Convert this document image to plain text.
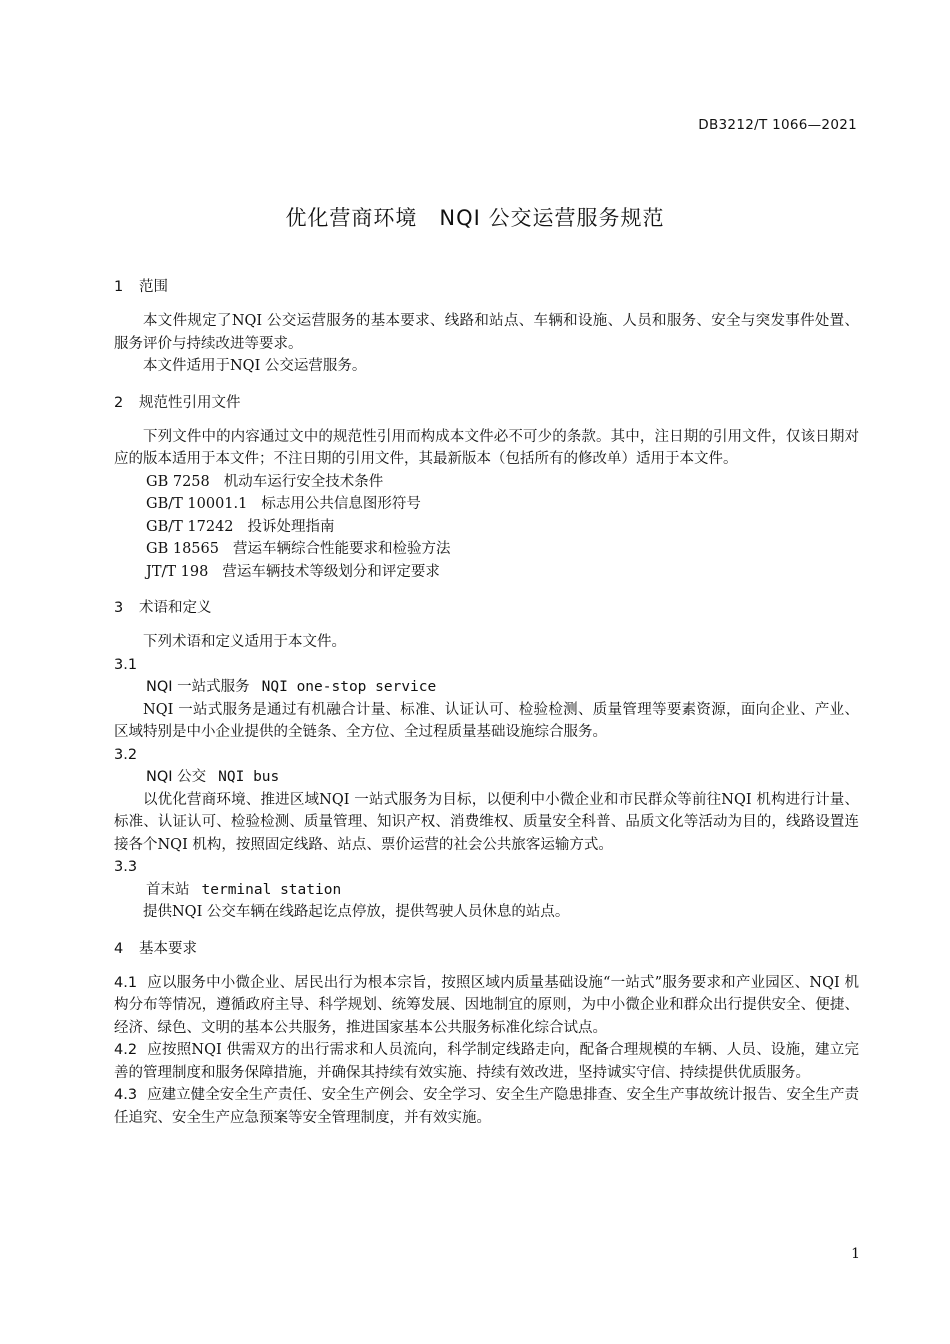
DB3212/T 1066—2021
优化营商环境　NQI 公交运营服务规范

1 范围

本文件规定了NQI 公交运营服务的基本要求、线路和站点、车辆和设施、人员和服务、安全与突发事件处置、服务评价与持续改进等要求。

本文件适用于NQI 公交运营服务。

2 规范性引用文件

下列文件中的内容通过文中的规范性引用而构成本文件必不可少的条款。其中，注日期的引用文件，仅该日期对应的版本适用于本文件；不注日期的引用文件，其最新版本（包括所有的修改单）适用于本文件。

GB 7258 机动车运行安全技术条件

GB/T 10001.1 标志用公共信息图形符号

GB/T 17242 投诉处理指南

GB 18565 营运车辆综合性能要求和检验方法

JT/T 198 营运车辆技术等级划分和评定要求

3 术语和定义

下列术语和定义适用于本文件。

3.1

NQI 一站式服务 NQI one-stop service

NQI 一站式服务是通过有机融合计量、标准、认证认可、检验检测、质量管理等要素资源，面向企业、产业、区域特别是中小企业提供的全链条、全方位、全过程质量基础设施综合服务。

3.2

NQI 公交 NQI bus

以优化营商环境、推进区域NQI 一站式服务为目标，以便利中小微企业和市民群众等前往NQI 机构进行计量、标准、认证认可、检验检测、质量管理、知识产权、消费维权、质量安全科普、品质文化等活动为目的，线路设置连接各个NQI 机构，按照固定线路、站点、票价运营的社会公共旅客运输方式。

3.3

首末站 terminal station

提供NQI 公交车辆在线路起讫点停放，提供驾驶人员休息的站点。

4 基本要求

4.1 应以服务中小微企业、居民出行为根本宗旨，按照区域内质量基础设施“一站式”服务要求和产业园区、NQI 机构分布等情况，遵循政府主导、科学规划、统筹发展、因地制宜的原则，为中小微企业和群众出行提供安全、便捷、经济、绿色、文明的基本公共服务，推进国家基本公共服务标准化综合试点。

4.2 应按照NQI 供需双方的出行需求和人员流向，科学制定线路走向，配备合理规模的车辆、人员、设施，建立完善的管理制度和服务保障措施，并确保其持续有效实施、持续有效改进，坚持诚实守信、持续提供优质服务。

4.3 应建立健全安全生产责任、安全生产例会、安全学习、安全生产隐患排查、安全生产事故统计报告、安全生产责任追究、安全生产应急预案等安全管理制度，并有效实施。

1
